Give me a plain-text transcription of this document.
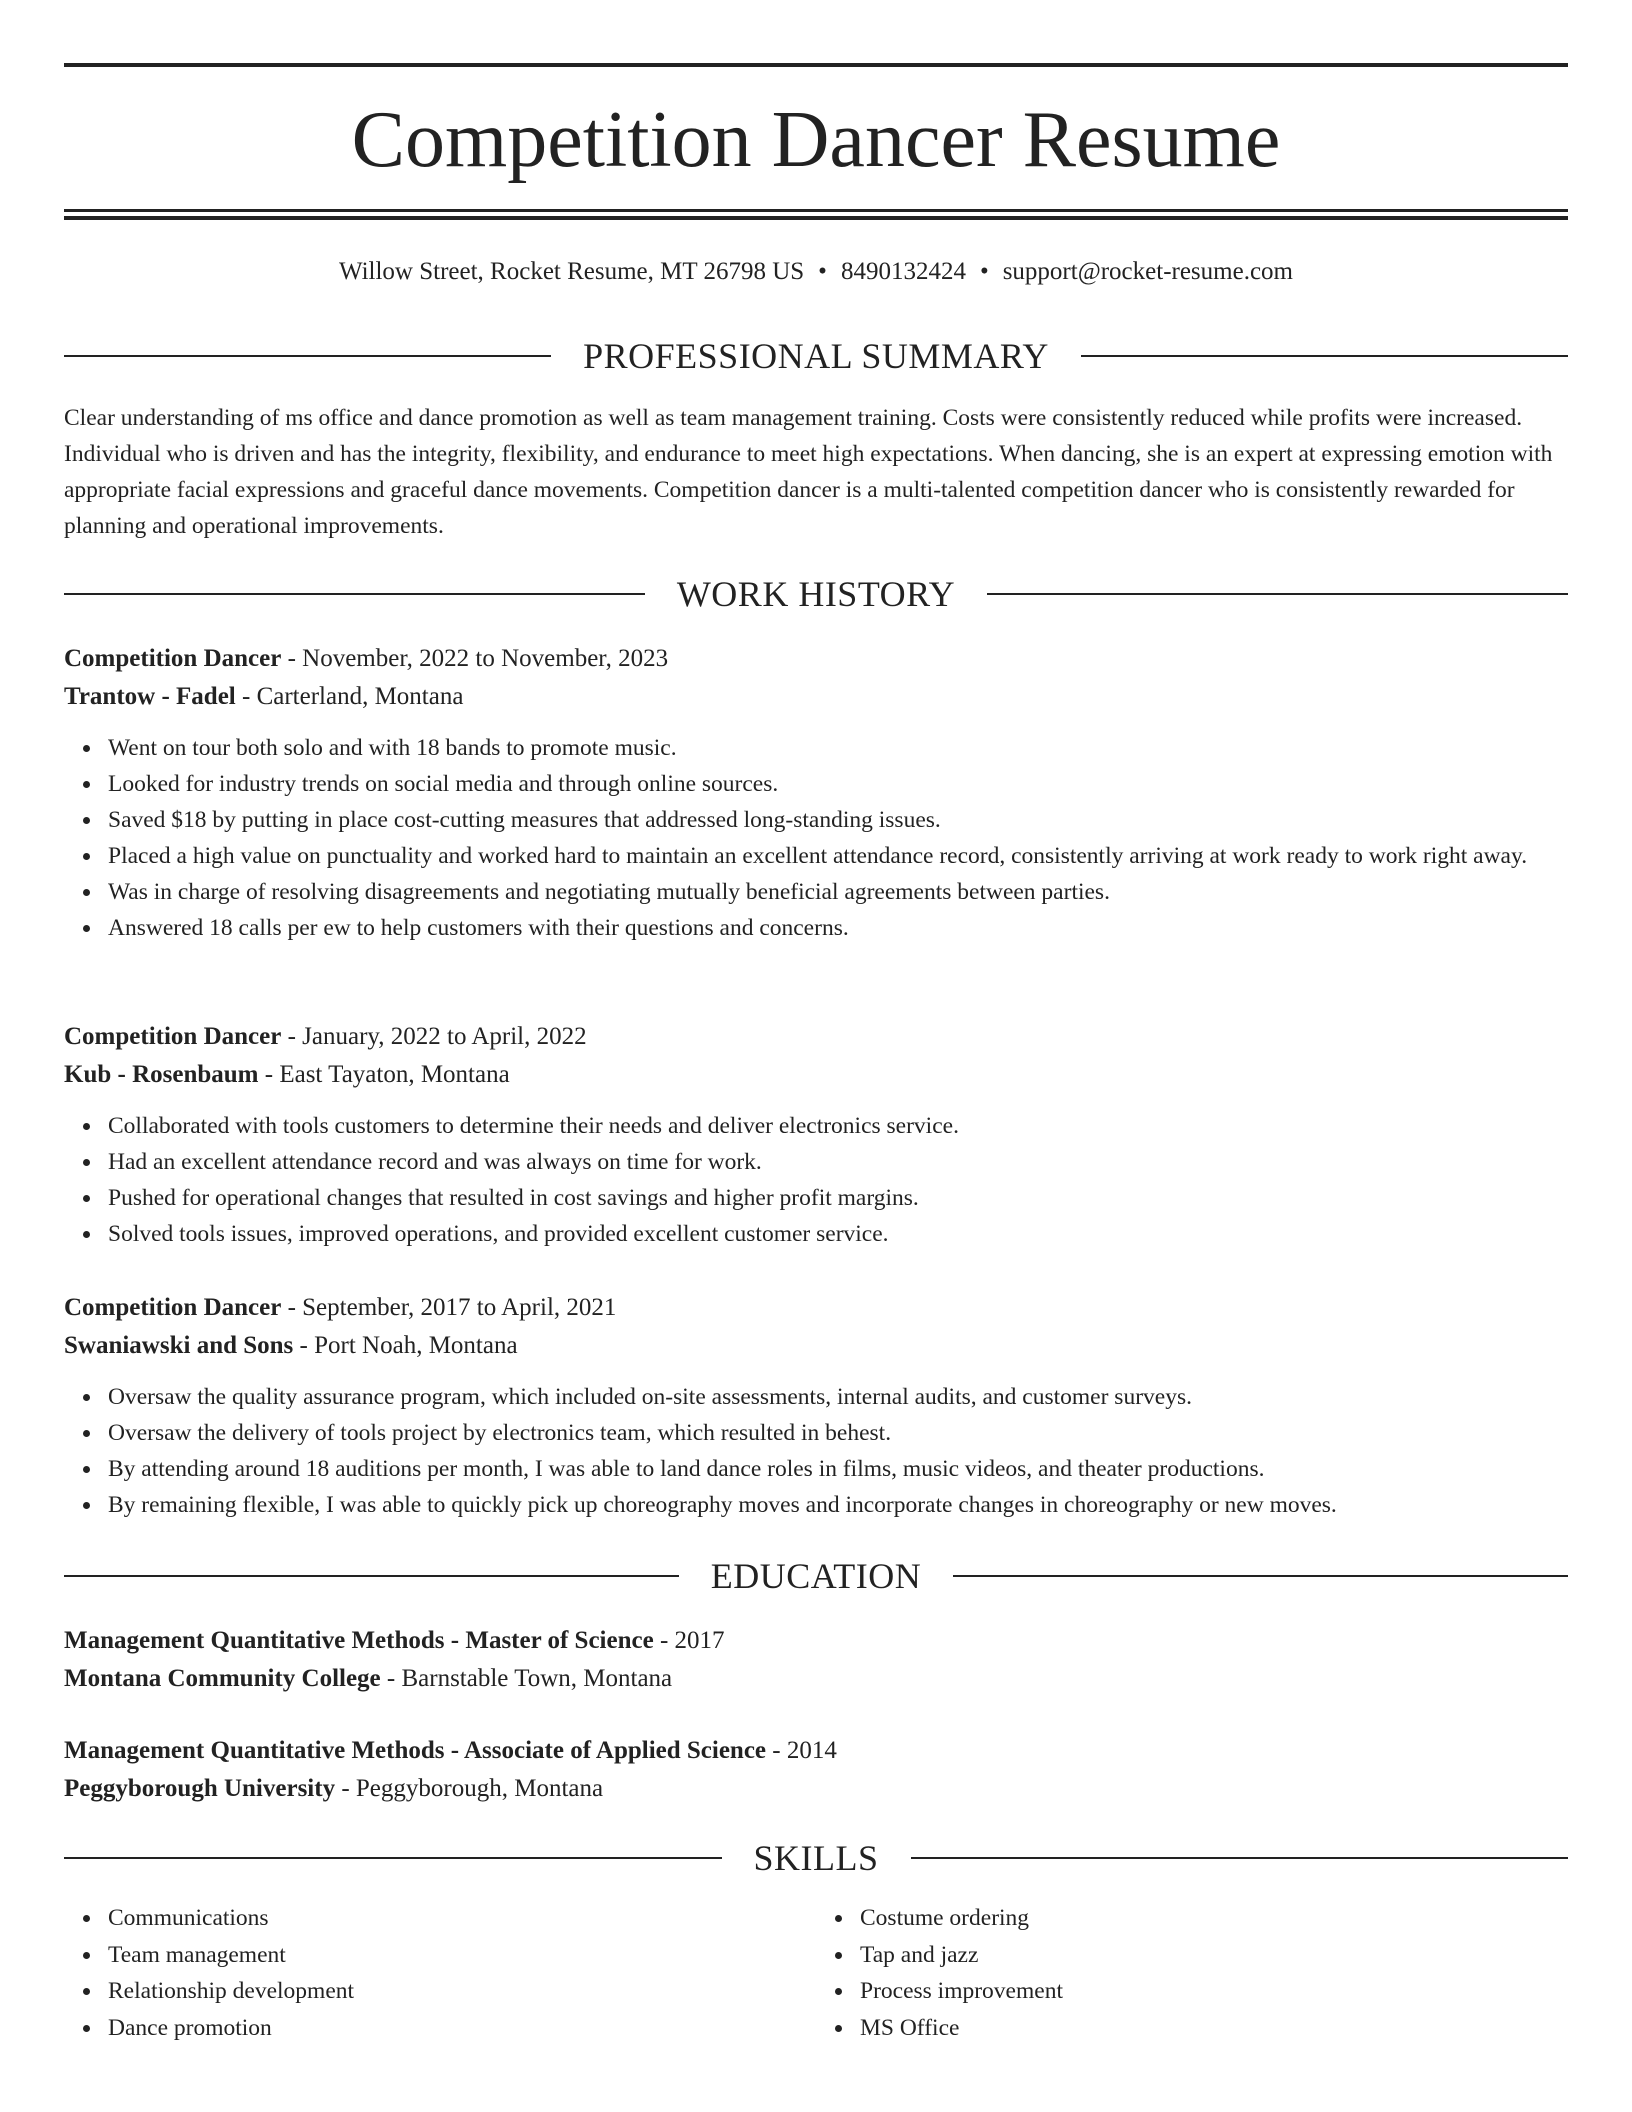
Competition Dancer Resume
Willow Street, Rocket Resume, MT 26798 US • 8490132424 • support@rocket-resume.com
PROFESSIONAL SUMMARY

Clear understanding of ms office and dance promotion as well as team management training. Costs were consistently reduced while profits were increased. Individual who is driven and has the integrity, flexibility, and endurance to meet high expectations. When dancing, she is an expert at expressing emotion with appropriate facial expressions and graceful dance movements. Competition dancer is a multi-talented competition dancer who is consistently rewarded for planning and operational improvements.

WORK HISTORY
Competition Dancer - November, 2022 to November, 2023
Trantow - Fadel - Carterland, Montana
Went on tour both solo and with 18 bands to promote music.
Looked for industry trends on social media and through online sources.
Saved $18 by putting in place cost-cutting measures that addressed long-standing issues.
Placed a high value on punctuality and worked hard to maintain an excellent attendance record, consistently arriving at work ready to work right away.
Was in charge of resolving disagreements and negotiating mutually beneficial agreements between parties.
Answered 18 calls per ew to help customers with their questions and concerns.
Competition Dancer - January, 2022 to April, 2022
Kub - Rosenbaum - East Tayaton, Montana
Collaborated with tools customers to determine their needs and deliver electronics service.
Had an excellent attendance record and was always on time for work.
Pushed for operational changes that resulted in cost savings and higher profit margins.
Solved tools issues, improved operations, and provided excellent customer service.
Competition Dancer - September, 2017 to April, 2021
Swaniawski and Sons - Port Noah, Montana
Oversaw the quality assurance program, which included on-site assessments, internal audits, and customer surveys.
Oversaw the delivery of tools project by electronics team, which resulted in behest.
By attending around 18 auditions per month, I was able to land dance roles in films, music videos, and theater productions.
By remaining flexible, I was able to quickly pick up choreography moves and incorporate changes in choreography or new moves.
EDUCATION
Management Quantitative Methods - Master of Science - 2017
Montana Community College - Barnstable Town, Montana
Management Quantitative Methods - Associate of Applied Science - 2014
Peggyborough University - Peggyborough, Montana
SKILLS
Communications
Team management
Relationship development
Dance promotion
Costume ordering
Tap and jazz
Process improvement
MS Office
